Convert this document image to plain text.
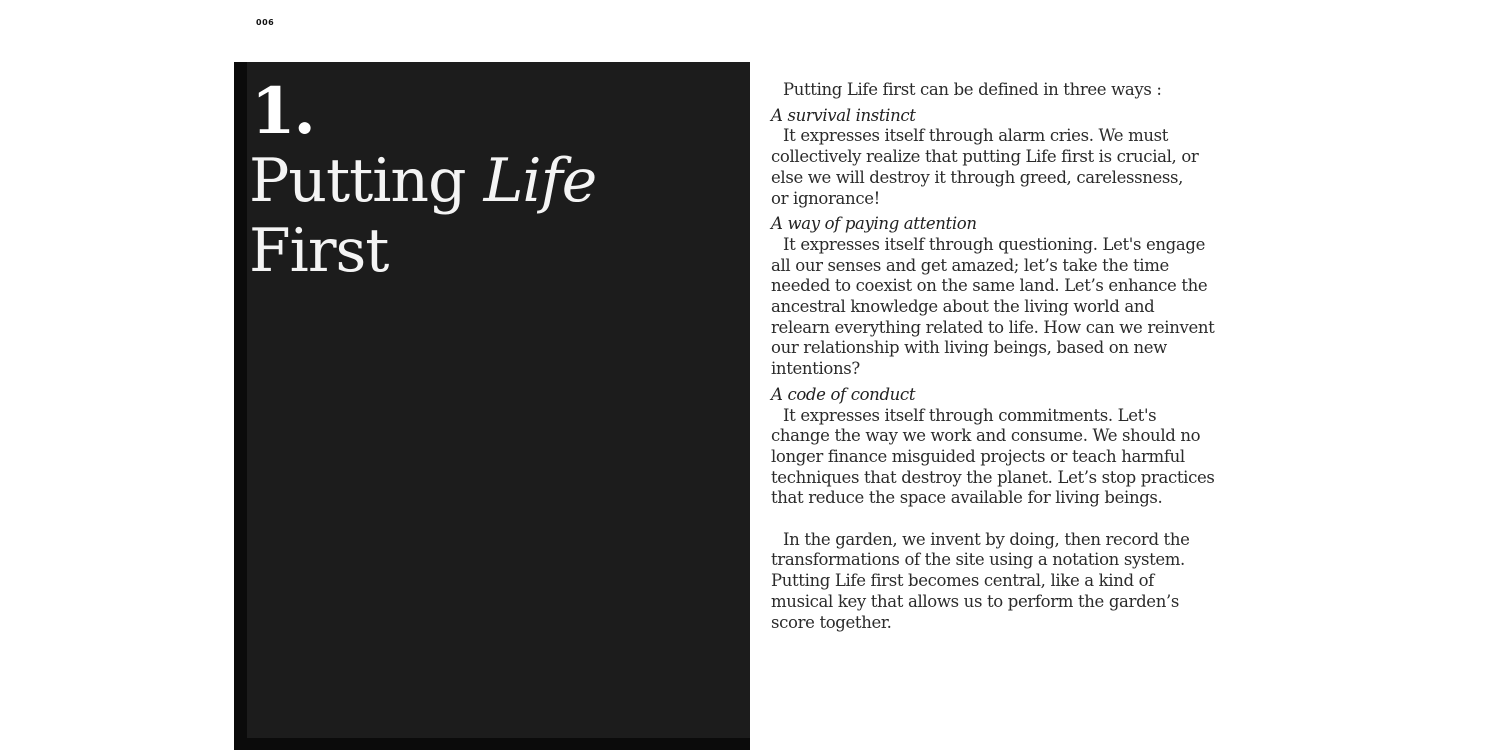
006
1.
Putting Life
First

Putting Life first can be defined in three ways :

A survival instinct

It expresses itself through alarm cries. We must

collectively realize that putting Life first is crucial, or

else we will destroy it through greed, carelessness,

or ignorance!

A way of paying attention

It expresses itself through questioning. Let's engage

all our senses and get amazed; let’s take the time

needed to coexist on the same land. Let’s enhance the

ancestral knowledge about the living world and

relearn everything related to life. How can we reinvent

our relationship with living beings, based on new

intentions?

A code of conduct

It expresses itself through commitments. Let's

change the way we work and consume. We should no

longer finance misguided projects or teach harmful

techniques that destroy the planet. Let’s stop practices

that reduce the space available for living beings.

In the garden, we invent by doing, then record the

transformations of the site using a notation system.

Putting Life first becomes central, like a kind of

musical key that allows us to perform the garden’s

score together.
